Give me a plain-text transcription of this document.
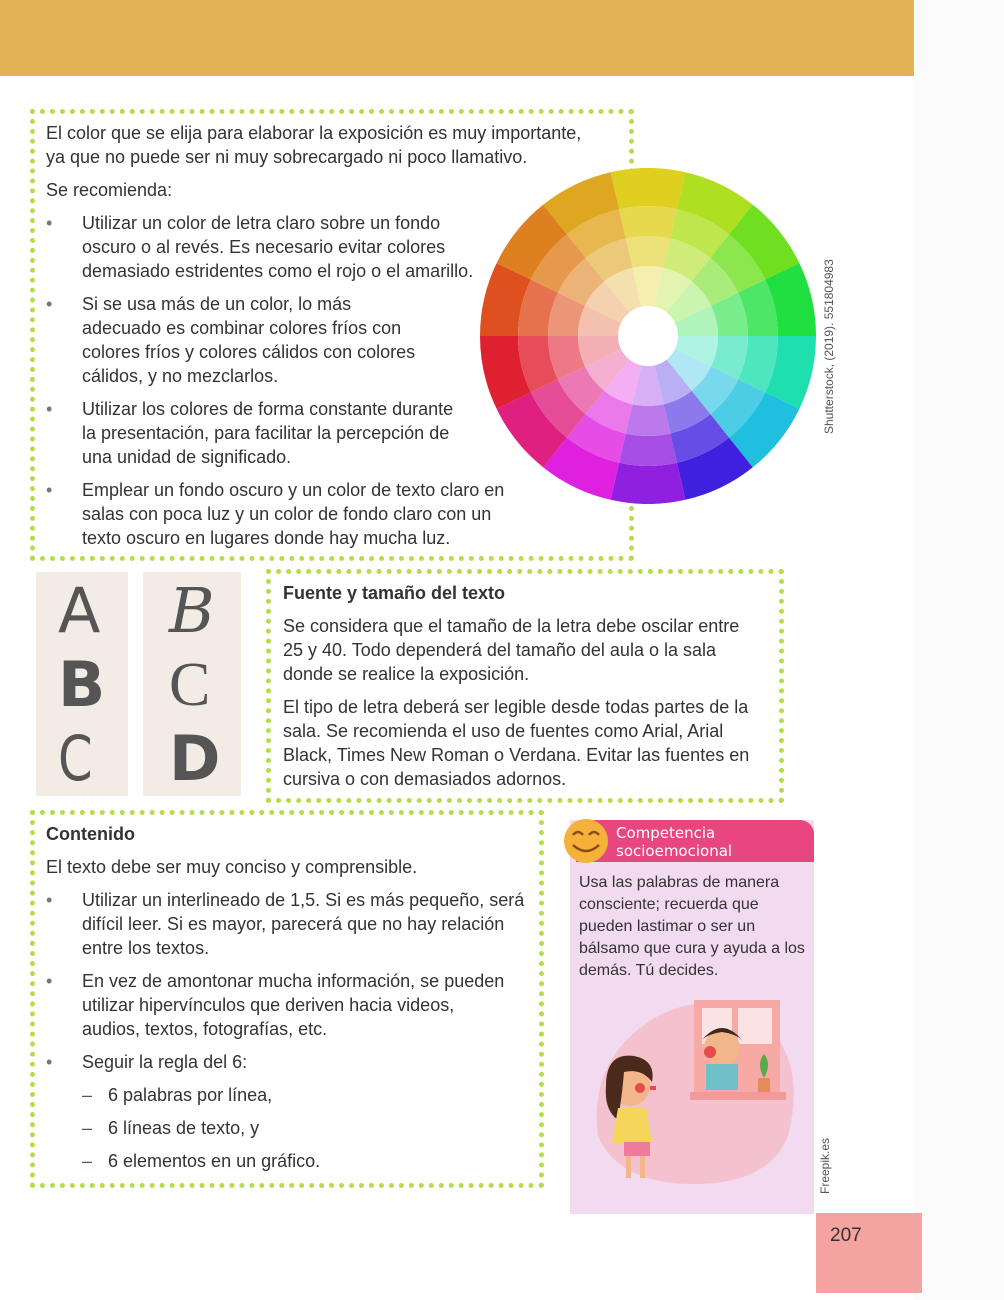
El color que se elija para elaborar la exposición es muy importante, ya que no puede ser ni muy sobrecargado ni poco llamativo.

Se recomienda:

• Utilizar un color de letra claro sobre un fondo oscuro o al revés. Es necesario evitar colores demasiado estridentes como el rojo o el amarillo.
• Si se usa más de un color, lo más adecuado es combinar colores fríos con colores fríos y colores cálidos con colores cálidos, y no mezclarlos.
• Utilizar los colores de forma constante durante la presentación, para facilitar la percepción de una unidad de significado.
• Emplear un fondo oscuro y un color de texto claro en salas con poca luz y un color de fondo claro con un texto oscuro en lugares donde hay mucha luz.
Shutterstock, (2019). 551804983
A
B
C
B
C
D

Fuente y tamaño del texto

Se considera que el tamaño de la letra debe oscilar entre 25 y 40. Todo dependerá del tamaño del aula o la sala donde se realice la exposición.

El tipo de letra deberá ser legible desde todas partes de la sala. Se recomienda el uso de fuentes como Arial, Arial Black, Times New Roman o Verdana. Evitar las fuentes en cursiva o con demasiados adornos.

Contenido

El texto debe ser muy conciso y comprensible.

• Utilizar un interlineado de 1,5. Si es más pequeño, será difícil leer. Si es mayor, parecerá que no hay relación entre los textos.
• En vez de amontonar mucha información, se pueden utilizar hipervínculos que deriven hacia videos, audios, textos, fotografías, etc.
• Seguir la regla del 6:
– 6 palabras por línea,
– 6 líneas de texto, y
– 6 elementos en un gráfico.
Competencia
socioemocional
Usa las palabras de manera consciente; recuerda que pueden lastimar o ser un bálsamo que cura y ayuda a los demás. Tú decides.
Freepik.es
207
